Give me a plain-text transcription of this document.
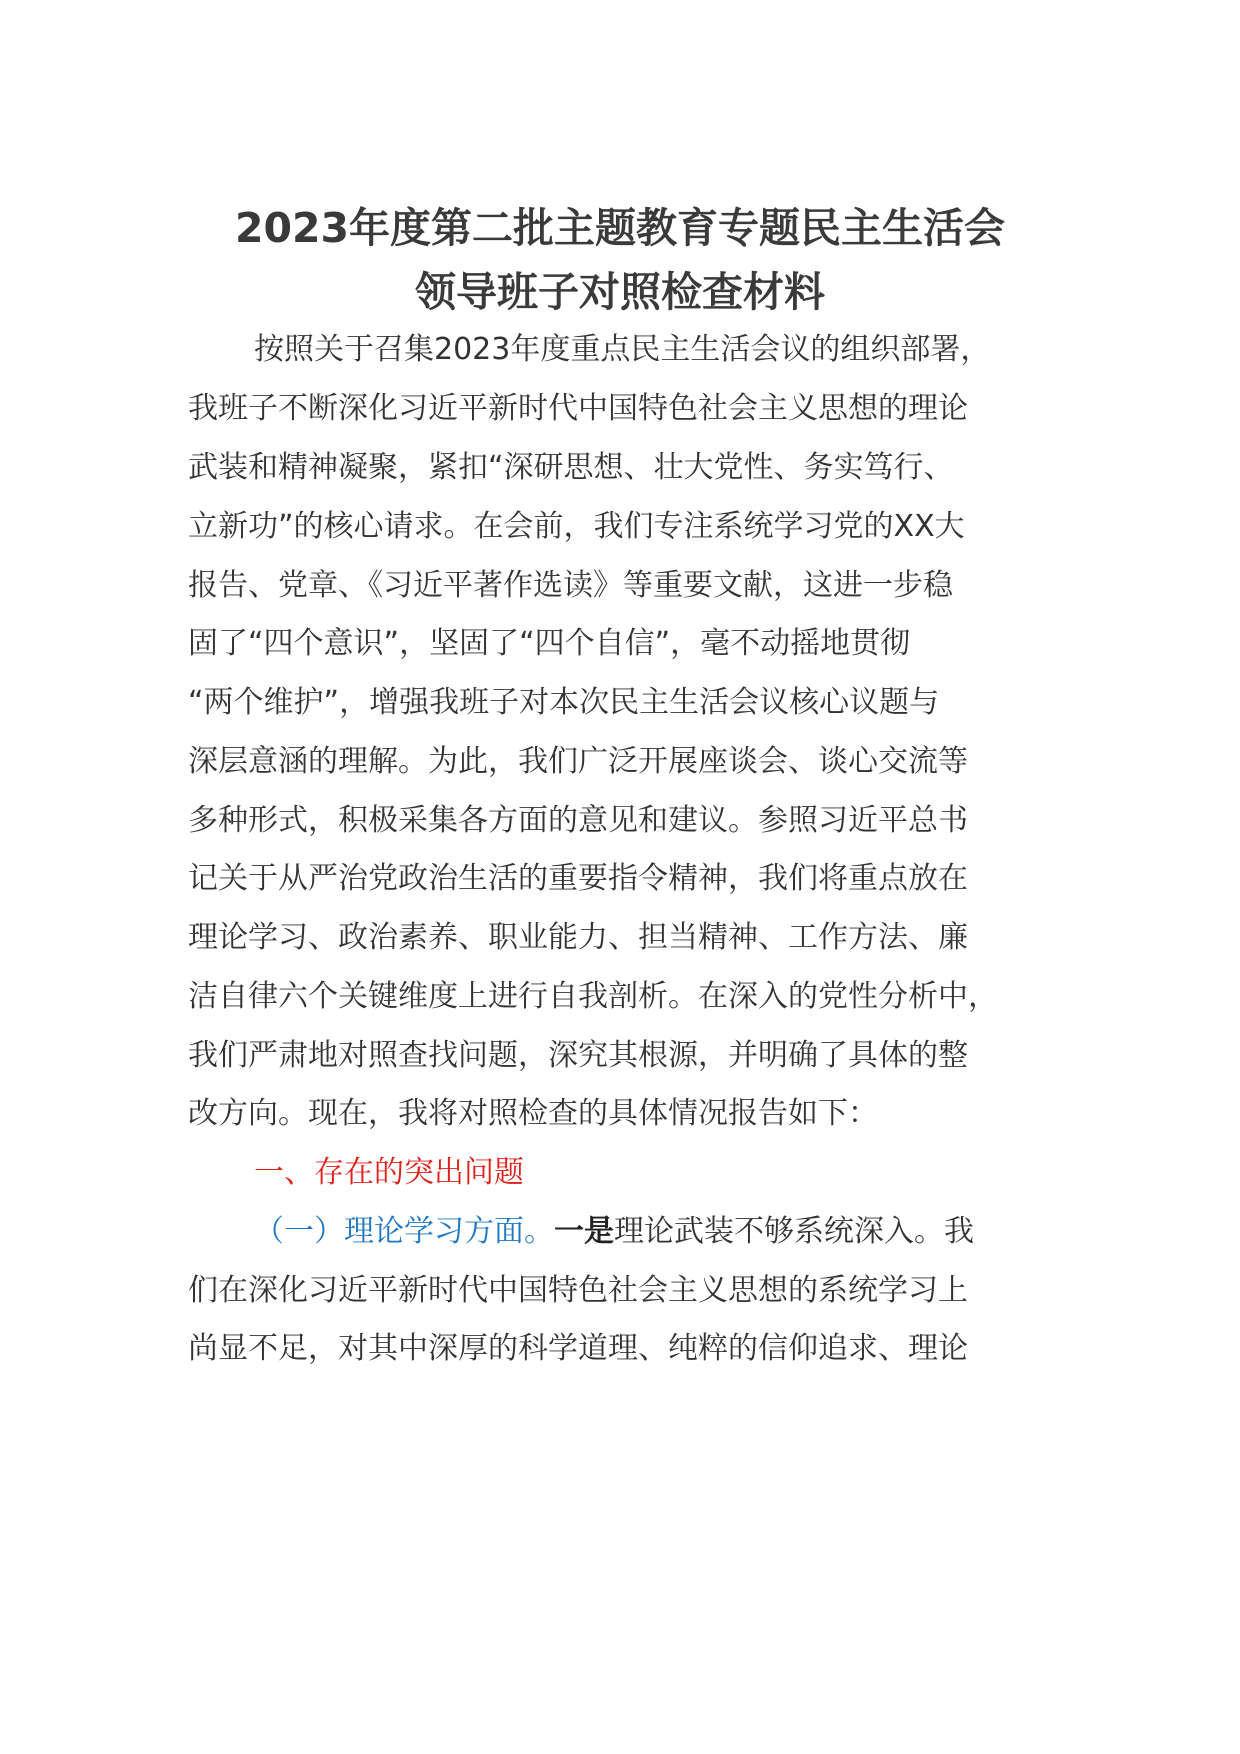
2023年度第二批主题教育专题民主生活会
领导班子对照检查材料
按照关于召集2023年度重点民主生活会议的组织部署，
我班子不断深化习近平新时代中国特色社会主义思想的理论
武装和精神凝聚，紧扣“深研思想、壮大党性、务实笃行、
立新功”的核心请求。在会前，我们专注系统学习党的XX大
报告、党章、《习近平著作选读》等重要文献，这进一步稳
固了“四个意识”，坚固了“四个自信”，毫不动摇地贯彻
“两个维护”，增强我班子对本次民主生活会议核心议题与
深层意涵的理解。为此，我们广泛开展座谈会、谈心交流等
多种形式，积极采集各方面的意见和建议。参照习近平总书
记关于从严治党政治生活的重要指令精神，我们将重点放在
理论学习、政治素养、职业能力、担当精神、工作方法、廉
洁自律六个关键维度上进行自我剖析。在深入的党性分析中，
我们严肃地对照查找问题，深究其根源，并明确了具体的整
改方向。现在，我将对照检查的具体情况报告如下：
一、存在的突出问题
（一）理论学习方面。一是理论武装不够系统深入。我
们在深化习近平新时代中国特色社会主义思想的系统学习上
尚显不足，对其中深厚的科学道理、纯粹的信仰追求、理论
